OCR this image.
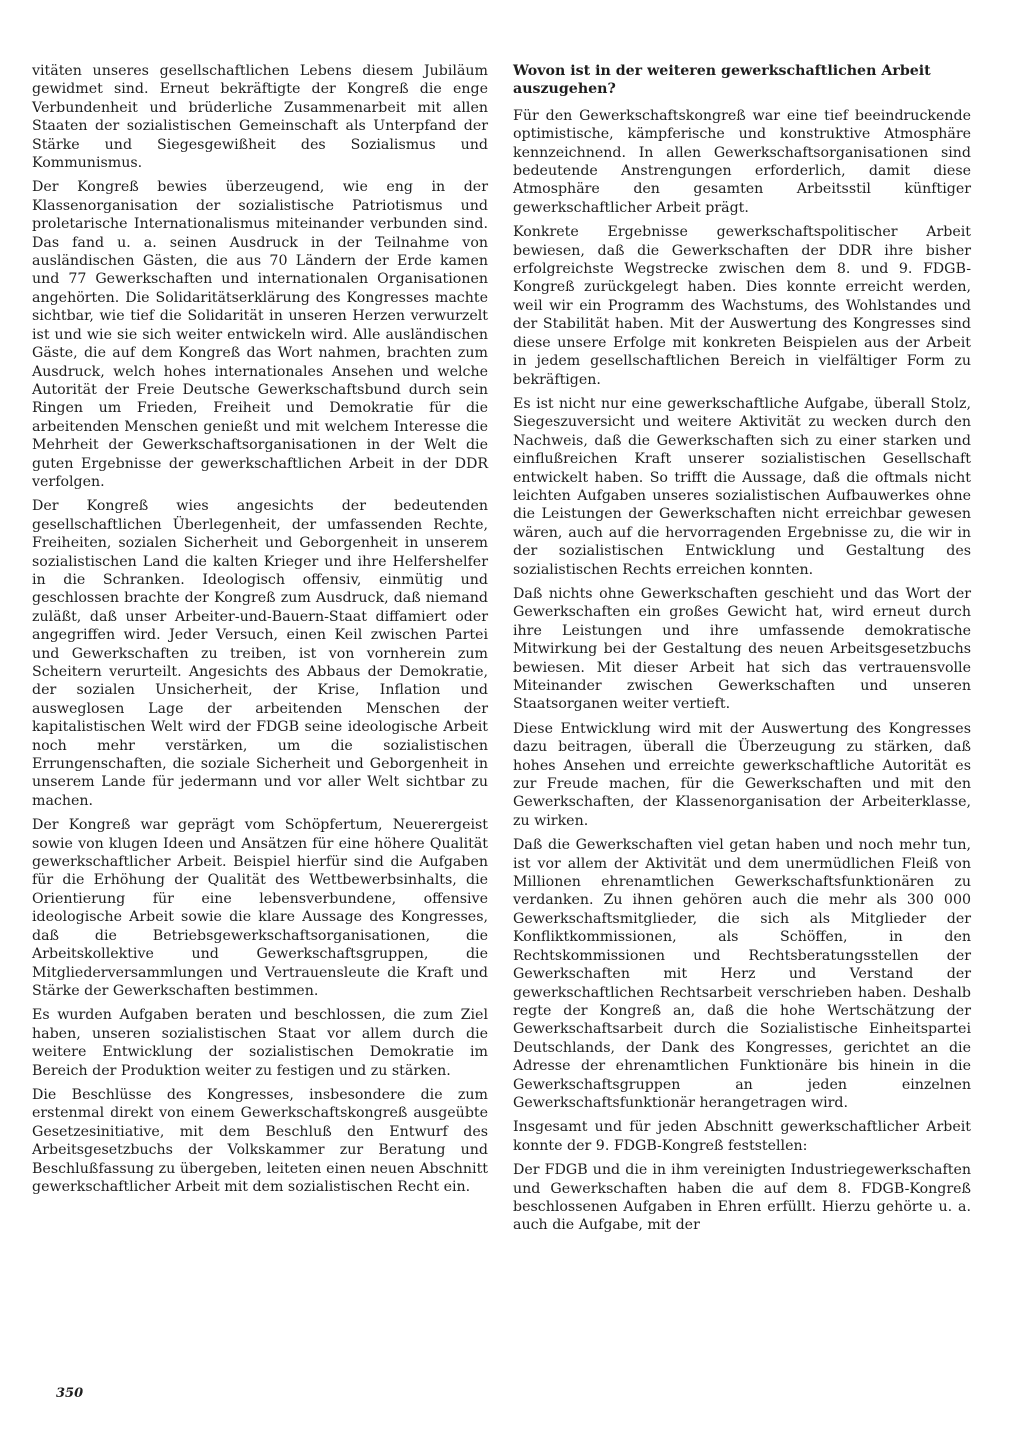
vitäten unseres gesellschaftlichen Lebens diesem Jubiläum gewidmet sind. Erneut bekräftigte der Kongreß die enge Verbundenheit und brüderliche Zusammenarbeit mit allen Staaten der sozialistischen Gemeinschaft als Unterpfand der Stärke und Siegesgewißheit des Sozialismus und Kommunismus.

Der Kongreß bewies überzeugend, wie eng in der Klassenorganisation der sozialistische Patriotismus und proletarische Internationalismus miteinander verbunden sind. Das fand u. a. seinen Ausdruck in der Teilnahme von ausländischen Gästen, die aus 70 Ländern der Erde kamen und 77 Gewerkschaften und internationalen Organisationen angehörten. Die Solidaritätserklärung des Kongresses machte sichtbar, wie tief die Solidarität in unseren Herzen verwurzelt ist und wie sie sich weiter entwickeln wird. Alle ausländischen Gäste, die auf dem Kongreß das Wort nahmen, brachten zum Ausdruck, welch hohes internationales Ansehen und welche Autorität der Freie Deutsche Gewerkschaftsbund durch sein Ringen um Frieden, Freiheit und Demokratie für die arbeitenden Menschen genießt und mit welchem Interesse die Mehrheit der Gewerkschaftsorganisationen in der Welt die guten Ergebnisse der gewerkschaftlichen Arbeit in der DDR verfolgen.

Der Kongreß wies angesichts der bedeutenden gesellschaftlichen Überlegenheit, der umfassenden Rechte, Freiheiten, sozialen Sicherheit und Geborgenheit in unserem sozialistischen Land die kalten Krieger und ihre Helfershelfer in die Schranken. Ideologisch offensiv, einmütig und geschlossen brachte der Kongreß zum Ausdruck, daß niemand zuläßt, daß unser Arbeiter-und-Bauern-Staat diffamiert oder angegriffen wird. Jeder Versuch, einen Keil zwischen Partei und Gewerkschaften zu treiben, ist von vornherein zum Scheitern verurteilt. Angesichts des Abbaus der Demokratie, der sozialen Unsicherheit, der Krise, Inflation und ausweglosen Lage der arbeitenden Menschen der kapitalistischen Welt wird der FDGB seine ideologische Arbeit noch mehr verstärken, um die sozialistischen Errungenschaften, die soziale Sicherheit und Geborgenheit in unserem Lande für jedermann und vor aller Welt sichtbar zu machen.

Der Kongreß war geprägt vom Schöpfertum, Neuerergeist sowie von klugen Ideen und Ansätzen für eine höhere Qualität gewerkschaftlicher Arbeit. Beispiel hierfür sind die Aufgaben für die Erhöhung der Qualität des Wettbewerbsinhalts, die Orientierung für eine lebensverbundene, offensive ideologische Arbeit sowie die klare Aussage des Kongresses, daß die Betriebsgewerkschaftsorganisationen, die Arbeitskollektive und Gewerkschaftsgruppen, die Mitgliederversammlungen und Vertrauensleute die Kraft und Stärke der Gewerkschaften bestimmen.

Es wurden Aufgaben beraten und beschlossen, die zum Ziel haben, unseren sozialistischen Staat vor allem durch die weitere Entwicklung der sozialistischen Demokratie im Bereich der Produktion weiter zu festigen und zu stärken.

Die Beschlüsse des Kongresses, insbesondere die zum erstenmal direkt von einem Gewerkschaftskongreß ausgeübte Gesetzesinitiative, mit dem Beschluß den Entwurf des Arbeitsgesetzbuchs der Volkskammer zur Beratung und Beschlußfassung zu übergeben, leiteten einen neuen Abschnitt gewerkschaftlicher Arbeit mit dem sozialistischen Recht ein.

Wovon ist in der weiteren gewerkschaftlichen Arbeit auszugehen?

Für den Gewerkschaftskongreß war eine tief beeindruckende optimistische, kämpferische und konstruktive Atmosphäre kennzeichnend. In allen Gewerkschaftsorganisationen sind bedeutende Anstrengungen erforderlich, damit diese Atmosphäre den gesamten Arbeitsstil künftiger gewerkschaftlicher Arbeit prägt.

Konkrete Ergebnisse gewerkschaftspolitischer Arbeit bewiesen, daß die Gewerkschaften der DDR ihre bisher erfolgreichste Wegstrecke zwischen dem 8. und 9. FDGB-Kongreß zurückgelegt haben. Dies konnte erreicht werden, weil wir ein Programm des Wachstums, des Wohlstandes und der Stabilität haben. Mit der Auswertung des Kongresses sind diese unsere Erfolge mit konkreten Beispielen aus der Arbeit in jedem gesellschaftlichen Bereich in vielfältiger Form zu bekräftigen.

Es ist nicht nur eine gewerkschaftliche Aufgabe, überall Stolz, Siegeszuversicht und weitere Aktivität zu wecken durch den Nachweis, daß die Gewerkschaften sich zu einer starken und einflußreichen Kraft unserer sozialistischen Gesellschaft entwickelt haben. So trifft die Aussage, daß die oftmals nicht leichten Aufgaben unseres sozialistischen Aufbauwerkes ohne die Leistungen der Gewerkschaften nicht erreichbar gewesen wären, auch auf die hervorragenden Ergebnisse zu, die wir in der sozialistischen Entwicklung und Gestaltung des sozialistischen Rechts erreichen konnten.

Daß nichts ohne Gewerkschaften geschieht und das Wort der Gewerkschaften ein großes Gewicht hat, wird erneut durch ihre Leistungen und ihre umfassende demokratische Mitwirkung bei der Gestaltung des neuen Arbeitsgesetzbuchs bewiesen. Mit dieser Arbeit hat sich das vertrauensvolle Miteinander zwischen Gewerkschaften und unseren Staatsorganen weiter vertieft.

Diese Entwicklung wird mit der Auswertung des Kongresses dazu beitragen, überall die Überzeugung zu stärken, daß hohes Ansehen und erreichte gewerkschaftliche Autorität es zur Freude machen, für die Gewerkschaften und mit den Gewerkschaften, der Klassenorganisation der Arbeiterklasse, zu wirken.

Daß die Gewerkschaften viel getan haben und noch mehr tun, ist vor allem der Aktivität und dem unermüdlichen Fleiß von Millionen ehrenamtlichen Gewerkschaftsfunktionären zu verdanken. Zu ihnen gehören auch die mehr als 300 000 Gewerkschaftsmitglieder, die sich als Mitglieder der Konfliktkommissionen, als Schöffen, in den Rechtskommissionen und Rechtsberatungsstellen der Gewerkschaften mit Herz und Verstand der gewerkschaftlichen Rechtsarbeit verschrieben haben. Deshalb regte der Kongreß an, daß die hohe Wertschätzung der Gewerkschaftsarbeit durch die Sozialistische Einheitspartei Deutschlands, der Dank des Kongresses, gerichtet an die Adresse der ehrenamtlichen Funktionäre bis hinein in die Gewerkschaftsgruppen an jeden einzelnen Gewerkschaftsfunktionär herangetragen wird.

Insgesamt und für jeden Abschnitt gewerkschaftlicher Arbeit konnte der 9. FDGB-Kongreß feststellen:

Der FDGB und die in ihm vereinigten Industriegewerkschaften und Gewerkschaften haben die auf dem 8. FDGB-Kongreß beschlossenen Aufgaben in Ehren erfüllt. Hierzu gehörte u. a. auch die Aufgabe, mit der

350
